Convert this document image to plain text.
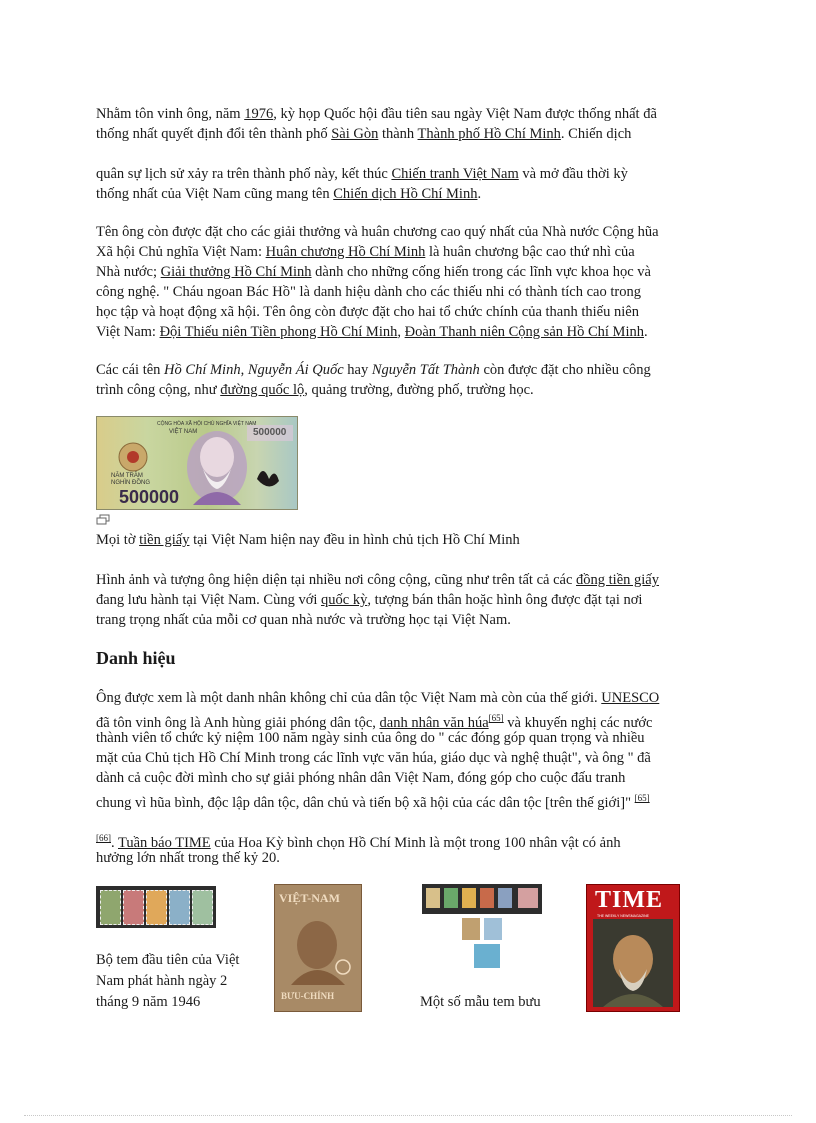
Nhằm tôn vinh ông, năm 1976, kỳ họp Quốc hội đầu tiên sau ngày Việt Nam được thống nhất đã
thống nhất quyết định đổi tên thành phố Sài Gòn thành Thành phố Hồ Chí Minh. Chiến dịch
quân sự lịch sử xảy ra trên thành phố này, kết thúc Chiến tranh Việt Nam và mở đầu thời kỳ
thống nhất của Việt Nam cũng mang tên Chiến dịch Hồ Chí Minh.
Tên ông còn được đặt cho các giải thưởng và huân chương cao quý nhất của Nhà nước Cộng hũa
Xã hội Chủ nghĩa Việt Nam: Huân chương Hồ Chí Minh là huân chương bậc cao thứ nhì của
Nhà nước; Giải thưởng Hồ Chí Minh dành cho những cống hiến trong các lĩnh vực khoa học và
công nghệ. " Cháu ngoan Bác Hồ" là danh hiệu dành cho các thiếu nhi có thành tích cao trong
học tập và hoạt động xã hội. Tên ông còn được đặt cho hai tổ chức chính của thanh thiếu niên
Việt Nam: Đội Thiếu niên Tiền phong Hồ Chí Minh, Đoàn Thanh niên Cộng sản Hồ Chí Minh.
Các cái tên Hồ Chí Minh, Nguyễn Ái Quốc hay Nguyễn Tất Thành còn được đặt cho nhiều công
trình công cộng, như đường quốc lộ, quảng trường, đường phố, trường học.
CỘNG HÒA XÃ HỘI CHỦ NGHĨA VIỆT NAM
VIỆT NAM	500000
NĂM TRĂM NGHÌN ĐỒNG
500000
Mọi tờ tiền giấy tại Việt Nam hiện nay đều in hình chủ tịch Hồ Chí Minh
Hình ảnh và tượng ông hiện diện tại nhiều nơi công cộng, cũng như trên tất cả các đồng tiền giấy
đang lưu hành tại Việt Nam. Cùng với quốc kỳ, tượng bán thân hoặc hình ông được đặt tại nơi
trang trọng nhất của mỗi cơ quan nhà nước và trường học tại Việt Nam.
Danh hiệu
Ông được xem là một danh nhân không chỉ của dân tộc Việt Nam mà còn của thế giới. UNESCO
đã tôn vinh ông là Anh hùng giải phóng dân tộc, danh nhân văn húa[65] và khuyến nghị các nước
thành viên tổ chức kỷ niệm 100 năm ngày sinh của ông do " các đóng góp quan trọng và nhiều
mặt của Chủ tịch Hồ Chí Minh trong các lĩnh vực văn húa, giáo dục và nghệ thuật", và ông " đã
dành cả cuộc đời mình cho sự giải phóng nhân dân Việt Nam, đóng góp cho cuộc đấu tranh
chung vì hũa bình, độc lập dân tộc, dân chủ và tiến bộ xã hội của các dân tộc [trên thế giới]" [65]
[66]. Tuần báo TIME của Hoa Kỳ bình chọn Hồ Chí Minh là một trong 100 nhân vật có ảnh
hưởng lớn nhất trong thế kỷ 20.
Bộ tem đầu tiên của Việt
Nam phát hành ngày 2
tháng 9 năm 1946
VIỆT-NAM
BƯU-CHÍNH	Một số mẫu tem bưu
TIME
THE WEEKLY NEWSMAGAZINE
